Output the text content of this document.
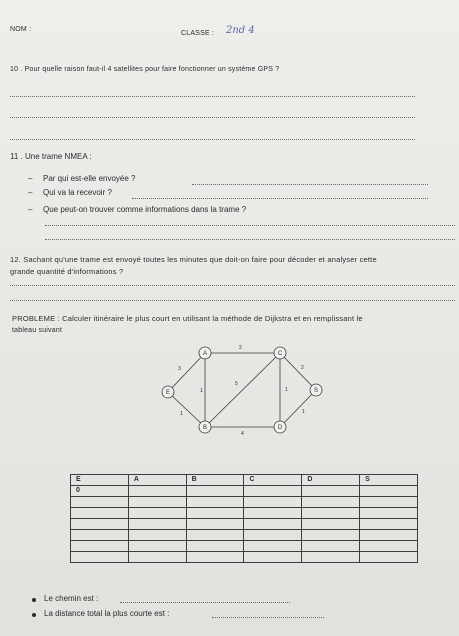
NOM :
CLASSE : 2nd 4
10 . Pour quelle raison faut-il 4 satellites pour faire fonctionner un système GPS ?
11 . Une trame NMEA :
– Par qui est-elle envoyée ?
– Qui va la recevoir ?
– Que peut-on trouver comme informations dans la trame ?
12. Sachant qu'une trame est envoyé toutes les minutes que doit-on faire pour décoder et analyser cette
grande quantité d'informations ?
PROBLEME : Calculer itinéraire le plus court en utilisant la méthode de Dijkstra et en remplissant le
tableau suivant
2
3
1
5
2
1
1
4
1
A	C
E	S
B	D
E	A	B	C	D	S
0					

Le chemin est :
La distance total la plus courte est :
